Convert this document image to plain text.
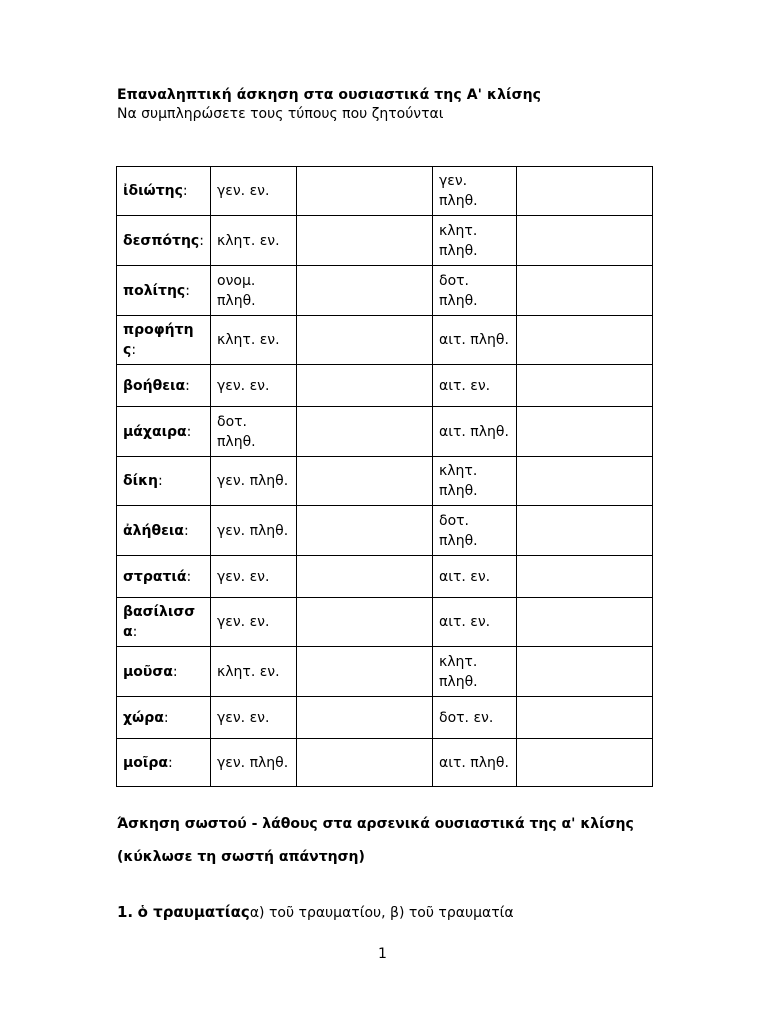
Επαναληπτική άσκηση στα ουσιαστικά της Α' κλίσης
Να συμπληρώσετε τους τύπους που ζητούνται
ἰδιώτης:	γεν. εν.		γεν. πληθ.	
δεσπότης:	κλητ. εν.		κλητ. πληθ.	
πολίτης:	ονομ. πληθ.		δοτ. πληθ.	
προφήτης:	κλητ. εν.		αιτ. πληθ.	
βοήθεια:	γεν. εν.		αιτ. εν.	
μάχαιρα:	δοτ. πληθ.		αιτ. πληθ.	
δίκη:	γεν. πληθ.		κλητ. πληθ.	
ἀλήθεια:	γεν. πληθ.		δοτ. πληθ.	
στρατιά:	γεν. εν.		αιτ. εν.	
βασίλισσα:	γεν. εν.		αιτ. εν.	
μοῦσα:	κλητ. εν.		κλητ. πληθ.	
χώρα:	γεν. εν.		δοτ. εν.	
μοῖρα:	γεν. πληθ.		αιτ. πληθ.	
Άσκηση σωστού - λάθους στα αρσενικά ουσιαστικά της α' κλίσης
(κύκλωσε τη σωστή απάντηση)
1. ὁ τραυματίαςα) τοῦ τραυματίου, β) τοῦ τραυματία
1
